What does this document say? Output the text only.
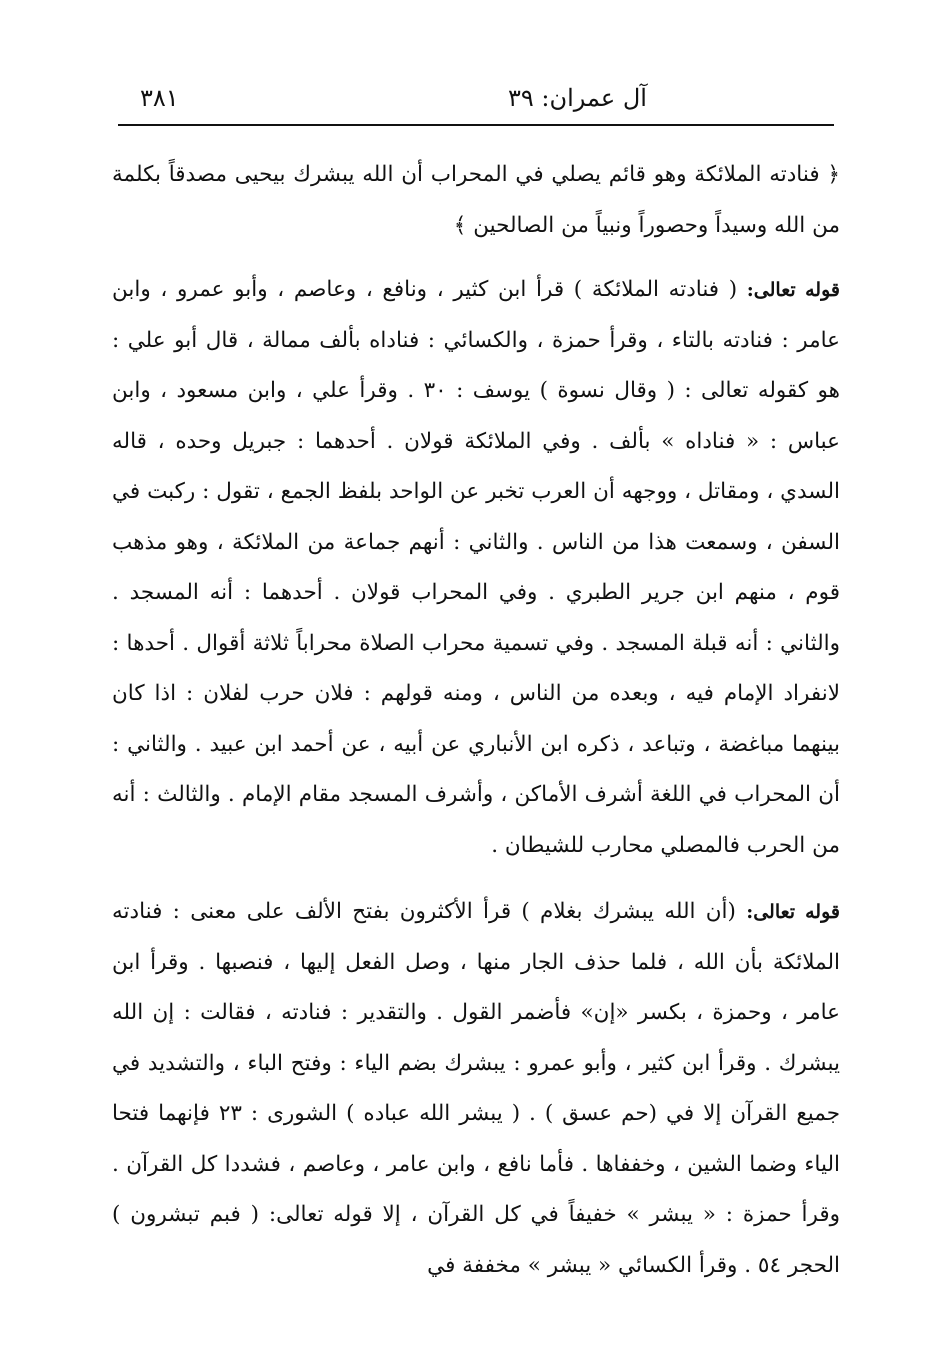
٣٨١	آل عمران: ٣٩

﴿ فنادته الملائكة وهو قائم يصلي في المحراب أن الله يبشرك بيحيى مصدقاً بكلمة من الله وسيداً وحصوراً ونبياً من الصالحين ﴾

قوله تعالى: ( فنادته الملائكة ) قرأ ابن كثير ، ونافع ، وعاصم ، وأبو عمرو ، وابن عامر : فنادته بالتاء ، وقرأ حمزة ، والكسائي : فناداه بألف ممالة ، قال أبو علي : هو كقوله تعالى : ( وقال نسوة ) يوسف : ٣٠ . وقرأ علي ، وابن مسعود ، وابن عباس : « فناداه » بألف . وفي الملائكة قولان . أحدهما : جبريل وحده ، قاله السدي ، ومقاتل ، ووجهه أن العرب تخبر عن الواحد بلفظ الجمع ، تقول : ركبت في السفن ، وسمعت هذا من الناس . والثاني : أنهم جماعة من الملائكة ، وهو مذهب قوم ، منهم ابن جرير الطبري . وفي المحراب قولان . أحدهما : أنه المسجد . والثاني : أنه قبلة المسجد . وفي تسمية محراب الصلاة محراباً ثلاثة أقوال . أحدها : لانفراد الإمام فيه ، وبعده من الناس ، ومنه قولهم : فلان حرب لفلان : اذا كان بينهما مباغضة ، وتباعد ، ذكره ابن الأنباري عن أبيه ، عن أحمد ابن عبيد . والثاني : أن المحراب في اللغة أشرف الأماكن ، وأشرف المسجد مقام الإمام . والثالث : أنه من الحرب فالمصلي محارب للشيطان .

قوله تعالى: (أن الله يبشرك بغلام ) قرأ الأكثرون بفتح الألف على معنى : فنادته الملائكة بأن الله ، فلما حذف الجار منها ، وصل الفعل إليها ، فنصبها . وقرأ ابن عامر ، وحمزة ، بكسر «إن» فأضمر القول . والتقدير : فنادته ، فقالت : إن الله يبشرك . وقرأ ابن كثير ، وأبو عمرو : يبشرك بضم الياء : وفتح الباء ، والتشديد في جميع القرآن إلا في (حم عسق ) . ( يبشر الله عباده ) الشورى : ٢٣ فإنهما فتحا الياء وضما الشين ، وخففاها . فأما نافع ، وابن عامر ، وعاصم ، فشددا كل القرآن . وقرأ حمزة : « يبشر » خفيفاً في كل القرآن ، إلا قوله تعالى: ( فبم تبشرون ) الحجر ٥٤ . وقرأ الكسائي « يبشر » مخففة في
